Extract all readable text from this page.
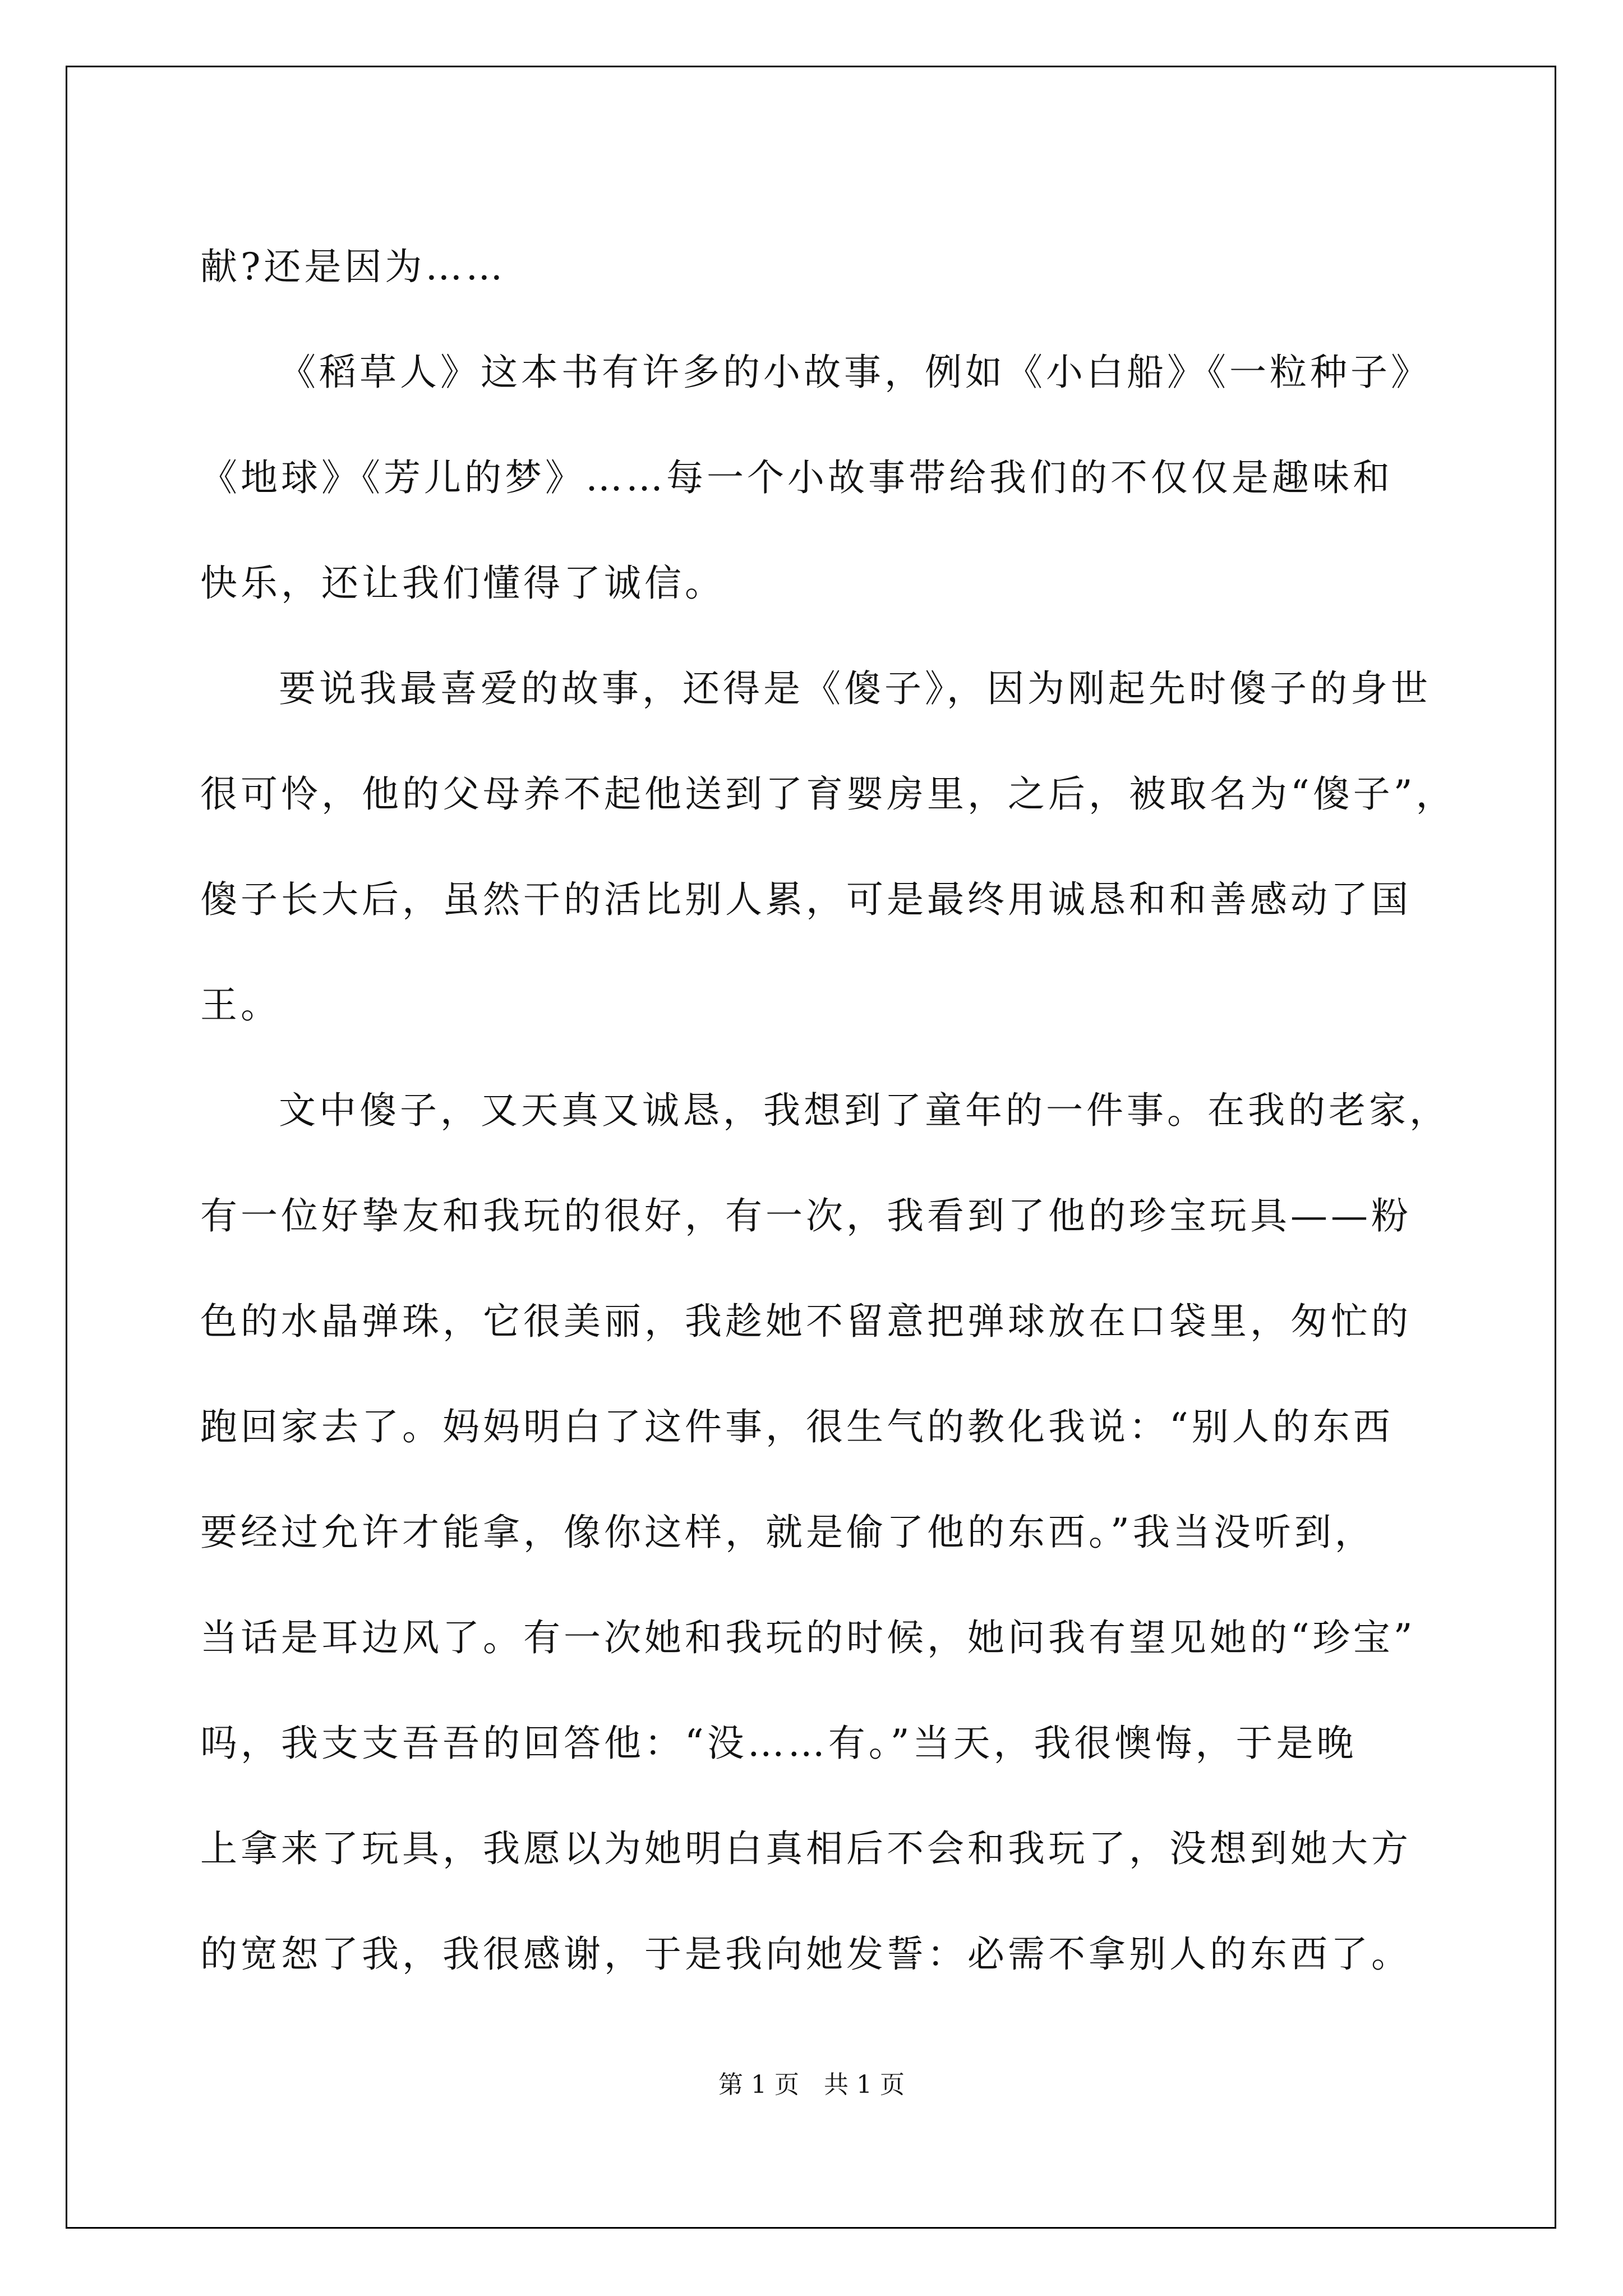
献?还是因为……
《稻草人》这本书有许多的小故事，例如《小白船》《一粒种子》
《地球》《芳儿的梦》……每一个小故事带给我们的不仅仅是趣味和
快乐，还让我们懂得了诚信。
要说我最喜爱的故事，还得是《傻子》，因为刚起先时傻子的身世
很可怜，他的父母养不起他送到了育婴房里，之后，被取名为“傻子”，
傻子长大后，虽然干的活比别人累，可是最终用诚恳和和善感动了国
王。
文中傻子，又天真又诚恳，我想到了童年的一件事。在我的老家，
有一位好挚友和我玩的很好，有一次，我看到了他的珍宝玩具——粉
色的水晶弹珠，它很美丽，我趁她不留意把弹球放在口袋里，匆忙的
跑回家去了。妈妈明白了这件事，很生气的教化我说：“别人的东西
要经过允许才能拿，像你这样，就是偷了他的东西。”我当没听到，
当话是耳边风了。有一次她和我玩的时候，她问我有望见她的“珍宝”
吗，我支支吾吾的回答他：“没……有。”当天，我很懊悔，于是晚
上拿来了玩具，我愿以为她明白真相后不会和我玩了，没想到她大方
的宽恕了我，我很感谢，于是我向她发誓：必需不拿别人的东西了。
第 1 页　共 1 页
